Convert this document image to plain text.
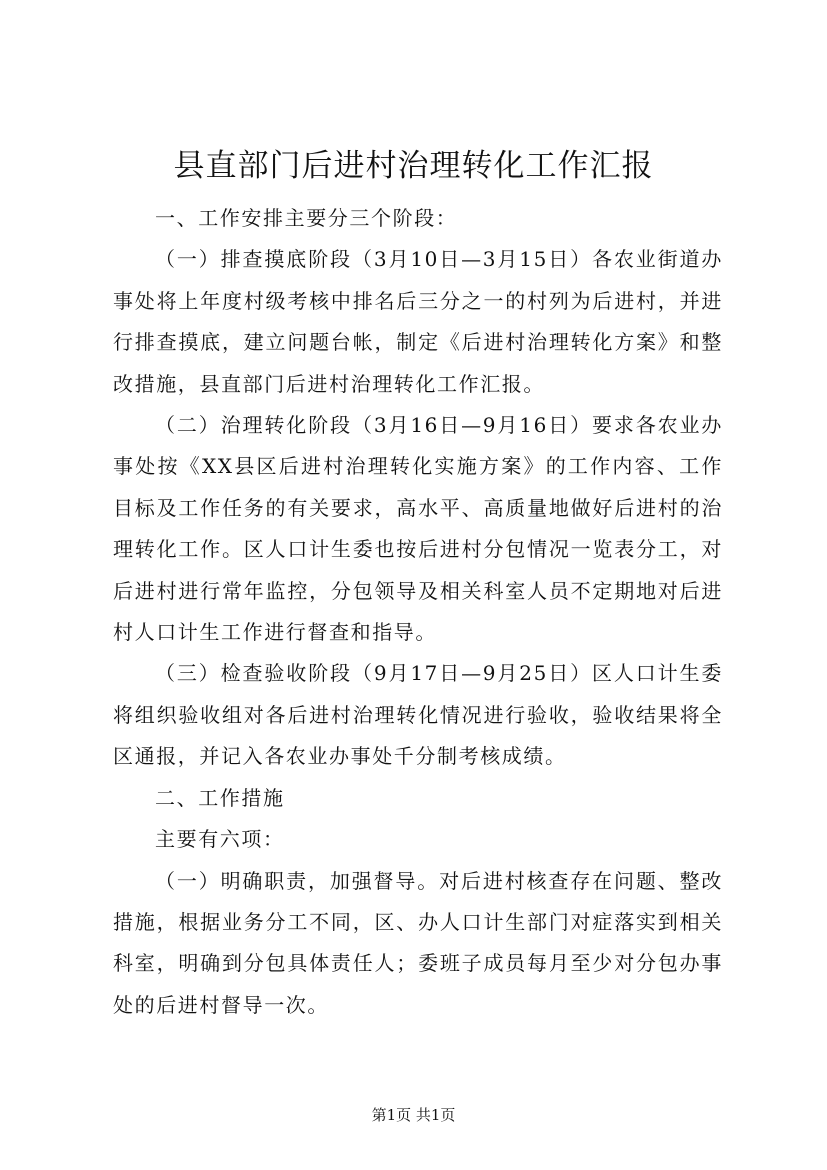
县直部门后进村治理转化工作汇报

一、工作安排主要分三个阶段：

（一）排查摸底阶段（3月10日—3月15日）各农业街道办事处将上年度村级考核中排名后三分之一的村列为后进村，并进行排查摸底，建立问题台帐，制定《后进村治理转化方案》和整改措施，县直部门后进村治理转化工作汇报。

（二）治理转化阶段（3月16日—9月16日）要求各农业办事处按《XX县区后进村治理转化实施方案》的工作内容、工作目标及工作任务的有关要求，高水平、高质量地做好后进村的治理转化工作。区人口计生委也按后进村分包情况一览表分工，对后进村进行常年监控，分包领导及相关科室人员不定期地对后进村人口计生工作进行督查和指导。

（三）检查验收阶段（9月17日—9月25日）区人口计生委将组织验收组对各后进村治理转化情况进行验收，验收结果将全区通报，并记入各农业办事处千分制考核成绩。

二、工作措施

主要有六项：

（一）明确职责，加强督导。对后进村核查存在问题、整改措施，根据业务分工不同，区、办人口计生部门对症落实到相关科室，明确到分包具体责任人；委班子成员每月至少对分包办事处的后进村督导一次。

第1页 共1页
